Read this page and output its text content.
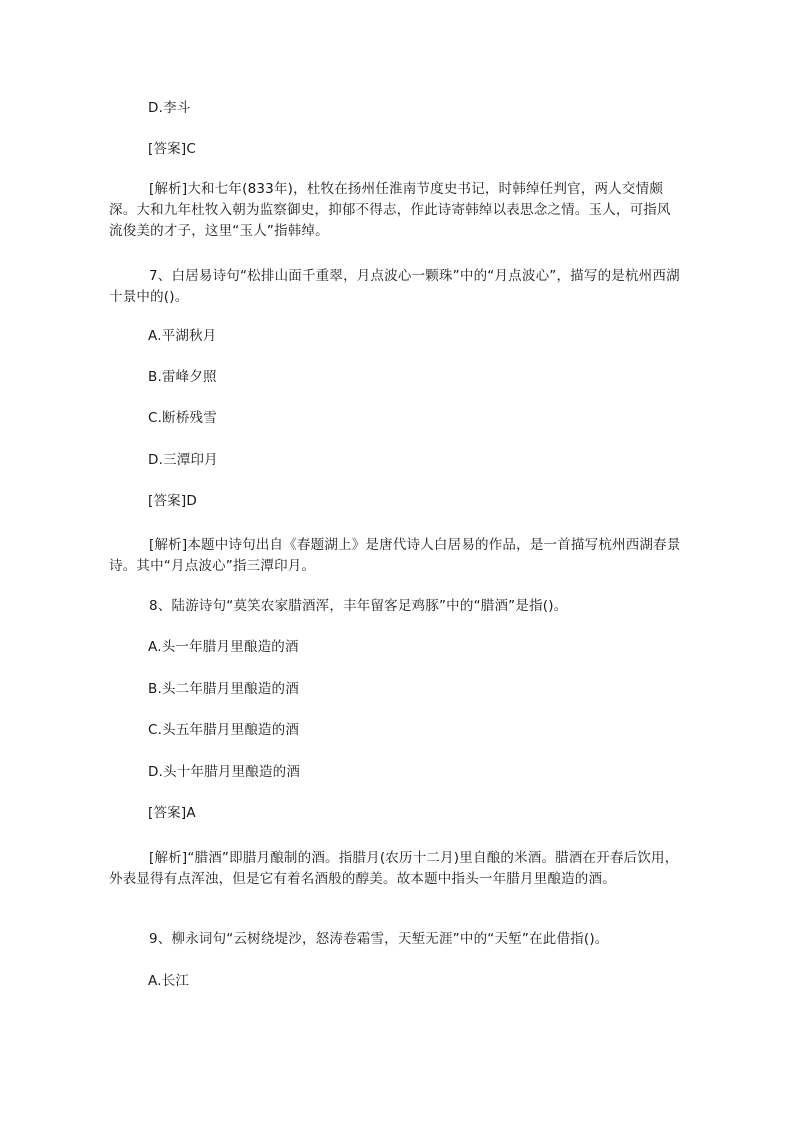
D.李斗
[答案]C
[解析]大和七年(833年)，杜牧在扬州任淮南节度史书记，时韩绰任判官，两人交情颇深。大和九年杜牧入朝为监察御史，抑郁不得志，作此诗寄韩绰以表思念之情。玉人，可指风流俊美的才子，这里“玉人”指韩绰。
7、白居易诗句“松排山面千重翠，月点波心一颗珠”中的“月点波心”，描写的是杭州西湖十景中的()。
A.平湖秋月
B.雷峰夕照
C.断桥残雪
D.三潭印月
[答案]D
[解析]本题中诗句出自《春题湖上》是唐代诗人白居易的作品，是一首描写杭州西湖春景诗。其中“月点波心”指三潭印月。
8、陆游诗句“莫笑农家腊酒浑，丰年留客足鸡豚”中的“腊酒”是指()。
A.头一年腊月里酿造的酒
B.头二年腊月里酿造的酒
C.头五年腊月里酿造的酒
D.头十年腊月里酿造的酒
[答案]A
[解析]“腊酒”即腊月酿制的酒。指腊月(农历十二月)里自酿的米酒。腊酒在开春后饮用，外表显得有点浑浊，但是它有着名酒般的醇美。故本题中指头一年腊月里酿造的酒。
9、柳永词句“云树绕堤沙，怒涛卷霜雪，天堑无涯”中的“天堑”在此借指()。
A.长江
